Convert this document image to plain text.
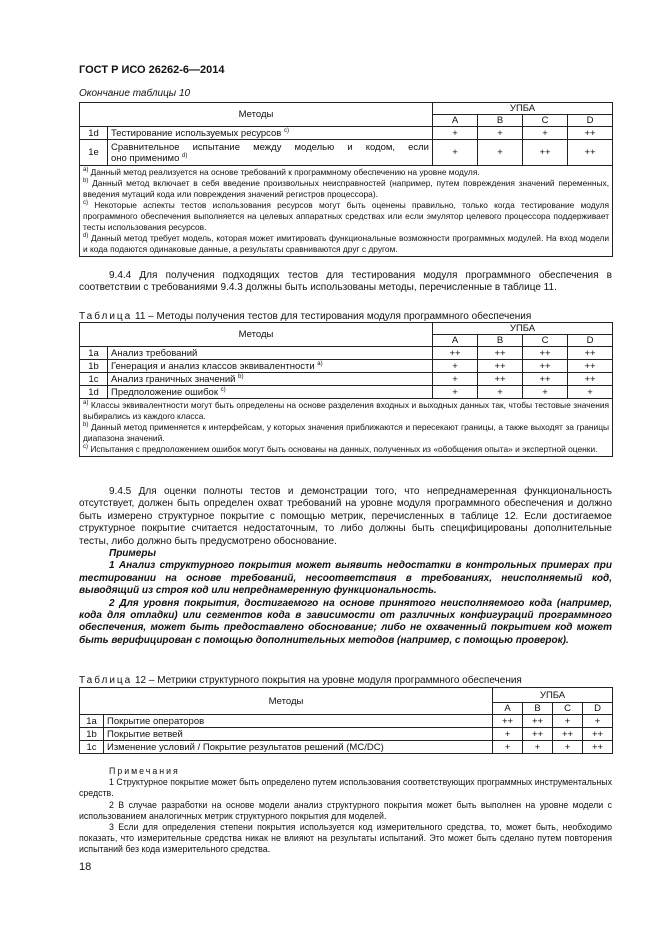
ГОСТ Р ИСО 26262-6—2014
Окончание таблицы 10
Методы		УПБА			
		А	В	С	D
1d	Тестирование используемых ресурсов $^{c)}$	+	+	+	++
1e	Сравнительное испытание между моделью и кодом, если
оно применимо $^{d)}$	+	+	++	++

$^{a)}$ Данный метод реализуется на основе требований к программному обеспечению на уровне модуля.

$^{b)}$ Данный метод включает в себя введение произвольных неисправностей (например, путем повреждения значений переменных, введения мутаций кода или повреждения значений регистров процессора).

$^{c)}$ Некоторые аспекты тестов использования ресурсов могут быть оценены правильно, только когда тестирование модуля программного обеспечения выполняется на целевых аппаратных средствах или если эмулятор целевого процессора поддерживает тесты использования ресурсов.

$^{d)}$ Данный метод требует модель, которая может имитировать функциональные возможности программных модулей. На вход модели и кода подаются одинаковые данные, а результаты сравниваются друг с другом.					

9.4.4 Для получения подходящих тестов для тестирования модуля программного обеспечения в соответствии с требованиями 9.4.3 должны быть использованы методы, перечисленные в таблице 11.

Таблица 11 – Методы получения тестов для тестирования модуля программного обеспечения
Методы		УПБА			
		А	В	С	D
1a	Анализ требований	++	++	++	++
1b	Генерация и анализ классов эквивалентности $^{a)}$	+	++	++	++
1c	Анализ граничных значений $^{b)}$	+	++	++	++
1d	Предположение ошибок $^{c)}$	+	+	+	+

$^{a)}$ Классы эквивалентности могут быть определены на основе разделения входных и выходных данных так, чтобы тестовые значения выбирались из каждого класса.

$^{b)}$ Данный метод применяется к интерфейсам, у которых значения приближаются и пересекают границы, а также выходят за границы диапазона значений.

$^{c)}$ Испытания с предположением ошибок могут быть основаны на данных, полученных из «обобщения опыта» и экспертной оценки.					

9.4.5 Для оценки полноты тестов и демонстрации того, что непреднамеренная функциональность отсутствует, должен быть определен охват требований на уровне модуля программного обеспечения и должно быть измерено структурное покрытие с помощью метрик, перечисленных в таблице 12. Если достигаемое структурное покрытие считается недостаточным, то либо должны быть специфицированы дополнительные тесты, либо должно быть предусмотрено обоснование.

Примеры

1 Анализ структурного покрытия может выявить недостатки в контрольных примерах при тестировании на основе требований, несоответствия в требованиях, неисполняемый код, выводящий из строя код или непреднамеренную функциональность.

2 Для уровня покрытия, достигаемого на основе принятого неисполняемого кода (например, кода для отладки) или сегментов кода в зависимости от различных конфигураций программного обеспечения, может быть предоставлено обоснование; либо не охваченный покрытием код может быть верифицирован с помощью дополнительных методов (например, с помощью проверок).

Таблица 12 – Метрики структурного покрытия на уровне модуля программного обеспечения
Методы		УПБА			
		А	В	С	D
1a	Покрытие операторов	++	++	+	+
1b	Покрытие ветвей	+	++	++	++
1c	Изменение условий / Покрытие результатов решений (MC/DC)	+	+	+	++

Примечания

1 Структурное покрытие может быть определено путем использования соответствующих программных инструментальных средств.

2 В случае разработки на основе модели анализ структурного покрытия может быть выполнен на уровне модели с использованием аналогичных метрик структурного покрытия для моделей.

3 Если для определения степени покрытия используется код измерительного средства, то, может быть, необходимо показать, что измерительные средства никак не влияют на результаты испытаний. Это может быть сделано путем повторения испытаний без кода измерительного средства.

18
